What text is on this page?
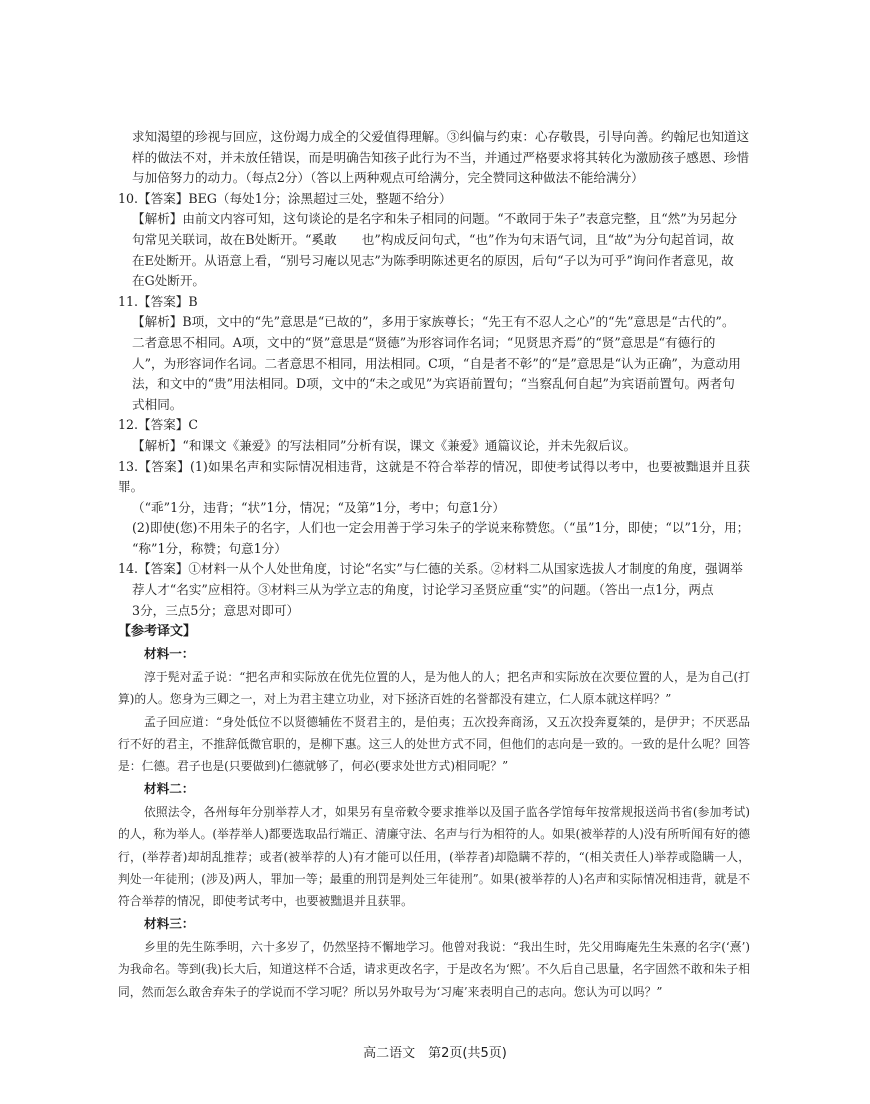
求知渴望的珍视与回应，这份竭力成全的父爱值得理解。③纠偏与约束：心存敬畏，引导向善。约翰尼也知道这

样的做法不对，并未放任错误，而是明确告知孩子此行为不当，并通过严格要求将其转化为激励孩子感恩、珍惜

与加倍努力的动力。（每点2分）（答以上两种观点可给满分，完全赞同这种做法不能给满分）

10.【答案】BEG（每处1分；涂黑超过三处，整题不给分）

【解析】由前文内容可知，这句谈论的是名字和朱子相同的问题。“不敢同于朱子”表意完整，且“然”为另起分

句常见关联词，故在B处断开。“奚敢　　也”构成反问句式，“也”作为句末语气词，且“故”为分句起首词，故

在E处断开。从语意上看，“别号习庵以见志”为陈季明陈述更名的原因，后句“子以为可乎”询问作者意见，故

在G处断开。

11.【答案】B

【解析】B项，文中的“先”意思是“已故的”，多用于家族尊长；“先王有不忍人之心”的“先”意思是“古代的”。

二者意思不相同。A项，文中的“贤”意思是“贤德”为形容词作名词；“见贤思齐焉”的“贤”意思是“有德行的

人”，为形容词作名词。二者意思不相同，用法相同。C项，“自是者不彰”的“是”意思是“认为正确”，为意动用

法，和文中的“贵”用法相同。D项，文中的“未之或见”为宾语前置句；“当察乱何自起”为宾语前置句。两者句

式相同。

12.【答案】C

【解析】“和课文《兼爱》的写法相同”分析有误，课文《兼爱》通篇议论，并未先叙后议。

13.【答案】(1)如果名声和实际情况相违背，这就是不符合举荐的情况，即使考试得以考中，也要被黜退并且获罪。

（“乖”1分，违背；“状”1分，情况；“及第”1分，考中；句意1分）

(2)即使(您)不用朱子的名字，人们也一定会用善于学习朱子的学说来称赞您。（“虽”1分，即使；“以”1分，用；

“称”1分，称赞；句意1分）

14.【答案】①材料一从个人处世角度，讨论“名实”与仁德的关系。②材料二从国家选拔人才制度的角度，强调举

荐人才“名实”应相符。③材料三从为学立志的角度，讨论学习圣贤应重“实”的问题。（答出一点1分，两点

3分，三点5分；意思对即可）

【参考译文】

材料一：

淳于髡对孟子说：“把名声和实际放在优先位置的人，是为他人的人；把名声和实际放在次要位置的人，是为自己(打算)的人。您身为三卿之一，对上为君主建立功业，对下拯济百姓的名誉都没有建立，仁人原本就这样吗？”

孟子回应道：“身处低位不以贤德辅佐不贤君主的，是伯夷；五次投奔商汤，又五次投奔夏桀的，是伊尹；不厌恶品行不好的君主，不推辞低微官职的，是柳下惠。这三人的处世方式不同，但他们的志向是一致的。一致的是什么呢？回答是：仁德。君子也是(只要做到)仁德就够了，何必(要求处世方式)相同呢？”

材料二：

依照法令，各州每年分别举荐人才，如果另有皇帝敕令要求推举以及国子监各学馆每年按常规报送尚书省(参加考试)的人，称为举人。(举荐举人)都要选取品行端正、清廉守法、名声与行为相符的人。如果(被举荐的人)没有所听闻有好的德行，(举荐者)却胡乱推荐；或者(被举荐的人)有才能可以任用，(举荐者)却隐瞒不荐的，“(相关责任人)举荐或隐瞒一人，判处一年徒刑；(涉及)两人，罪加一等；最重的刑罚是判处三年徒刑”。如果(被举荐的人)名声和实际情况相违背，就是不符合举荐的情况，即使考试考中，也要被黜退并且获罪。

材料三：

乡里的先生陈季明，六十多岁了，仍然坚持不懈地学习。他曾对我说：“我出生时，先父用晦庵先生朱熹的名字(‘熹’)为我命名。等到(我)长大后，知道这样不合适，请求更改名字，于是改名为‘熙’。不久后自己思量，名字固然不敢和朱子相同，然而怎么敢舍弃朱子的学说而不学习呢？所以另外取号为‘习庵’来表明自己的志向。您认为可以吗？”

高二语文　第2页(共5页)
